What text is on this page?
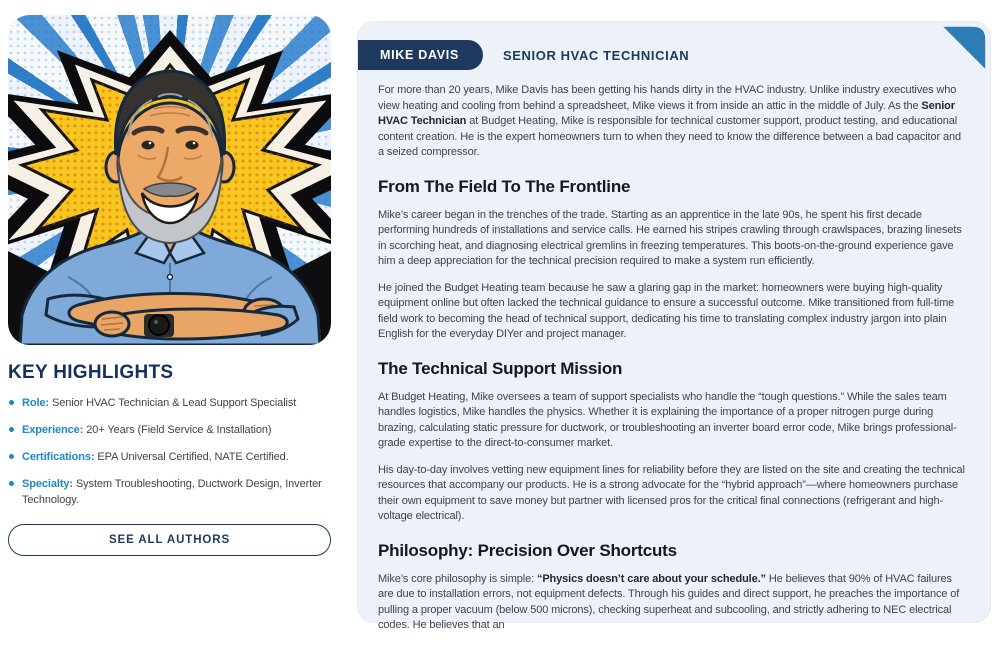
KEY HIGHLIGHTS
Role: Senior HVAC Technician & Lead Support Specialist
Experience: 20+ Years (Field Service & Installation)
Certifications: EPA Universal Certified, NATE Certified.
Specialty: System Troubleshooting, Ductwork Design, Inverter Technology.
SEE ALL AUTHORS
MIKE DAVIS	SENIOR HVAC TECHNICIAN

For more than 20 years, Mike Davis has been getting his hands dirty in the HVAC industry. Unlike industry executives who view heating and cooling from behind a spreadsheet, Mike views it from inside an attic in the middle of July. As the Senior HVAC Technician at Budget Heating, Mike is responsible for technical customer support, product testing, and educational content creation. He is the expert homeowners turn to when they need to know the difference between a bad capacitor and a seized compressor.

From The Field To The Frontline

Mike’s career began in the trenches of the trade. Starting as an apprentice in the late 90s, he spent his first decade performing hundreds of installations and service calls. He earned his stripes crawling through crawlspaces, brazing linesets in scorching heat, and diagnosing electrical gremlins in freezing temperatures. This boots-on-the-ground experience gave him a deep appreciation for the technical precision required to make a system run efficiently.

He joined the Budget Heating team because he saw a glaring gap in the market: homeowners were buying high-quality equipment online but often lacked the technical guidance to ensure a successful outcome. Mike transitioned from full-time field work to becoming the head of technical support, dedicating his time to translating complex industry jargon into plain English for the everyday DIYer and project manager.

The Technical Support Mission

At Budget Heating, Mike oversees a team of support specialists who handle the “tough questions.” While the sales team handles logistics, Mike handles the physics. Whether it is explaining the importance of a proper nitrogen purge during brazing, calculating static pressure for ductwork, or troubleshooting an inverter board error code, Mike brings professional-grade expertise to the direct-to-consumer market.

His day-to-day involves vetting new equipment lines for reliability before they are listed on the site and creating the technical resources that accompany our products. He is a strong advocate for the “hybrid approach”—where homeowners purchase their own equipment to save money but partner with licensed pros for the critical final connections (refrigerant and high-voltage electrical).

Philosophy: Precision Over Shortcuts

Mike’s core philosophy is simple: “Physics doesn’t care about your schedule.” He believes that 90% of HVAC failures are due to installation errors, not equipment defects. Through his guides and direct support, he preaches the importance of pulling a proper vacuum (below 500 microns), checking superheat and subcooling, and strictly adhering to NEC electrical codes. He believes that an
